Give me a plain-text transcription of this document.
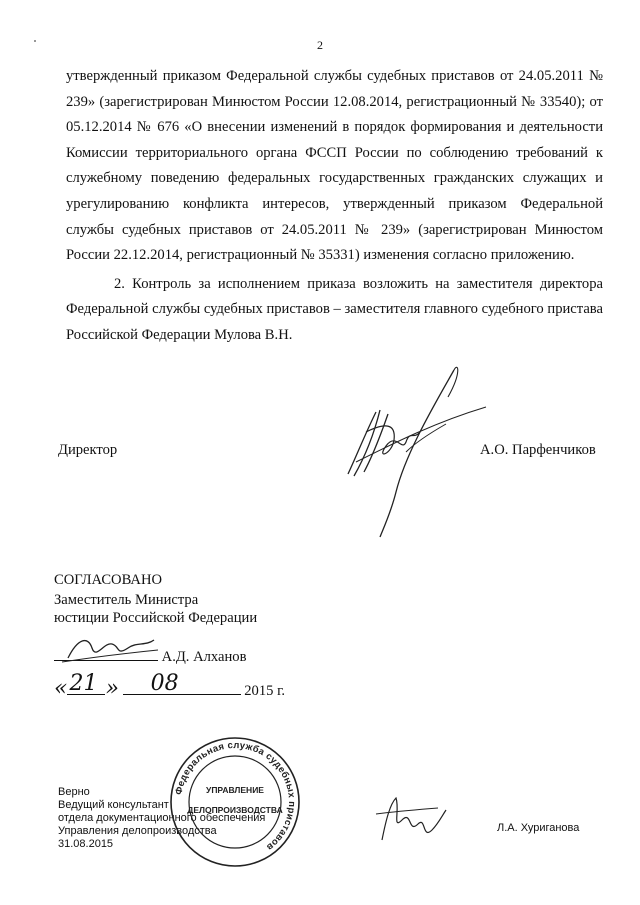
2

утвержденный приказом Федеральной службы судебных приставов от 24.05.2011 № 239» (зарегистрирован Минюстом России 12.08.2014, регистрационный № 33540); от 05.12.2014 № 676 «О внесении изменений в порядок формирования и деятельности Комиссии территориального органа ФССП России по соблюдению требований к служебному поведению федеральных государственных гражданских служащих и урегулированию конфликта интересов, утвержденный приказом Федеральной службы судебных приставов от 24.05.2011 № 239» (зарегистрирован Минюстом России 22.12.2014, регистрационный № 35331) изменения согласно приложению.

2. Контроль за исполнением приказа возложить на заместителя директора Федеральной службы судебных приставов – заместителя главного судебного пристава Российской Федерации Мулова В.Н.

Директор	А.О. Парфенчиков
СОГЛАСОВАНО
Заместитель Министра
юстиции Российской Федерации
А.Д. Алханов
« 21 » 08	2015 г.
Верно
Ведущий консультант
отдела документационного обеспечения
Управления делопроизводства
31.08.2015
Л.А. Хуриганова
Федеральная служба судебных приставов
УПРАВЛЕНИЕ
ДЕЛОПРОИЗВОДСТВА
